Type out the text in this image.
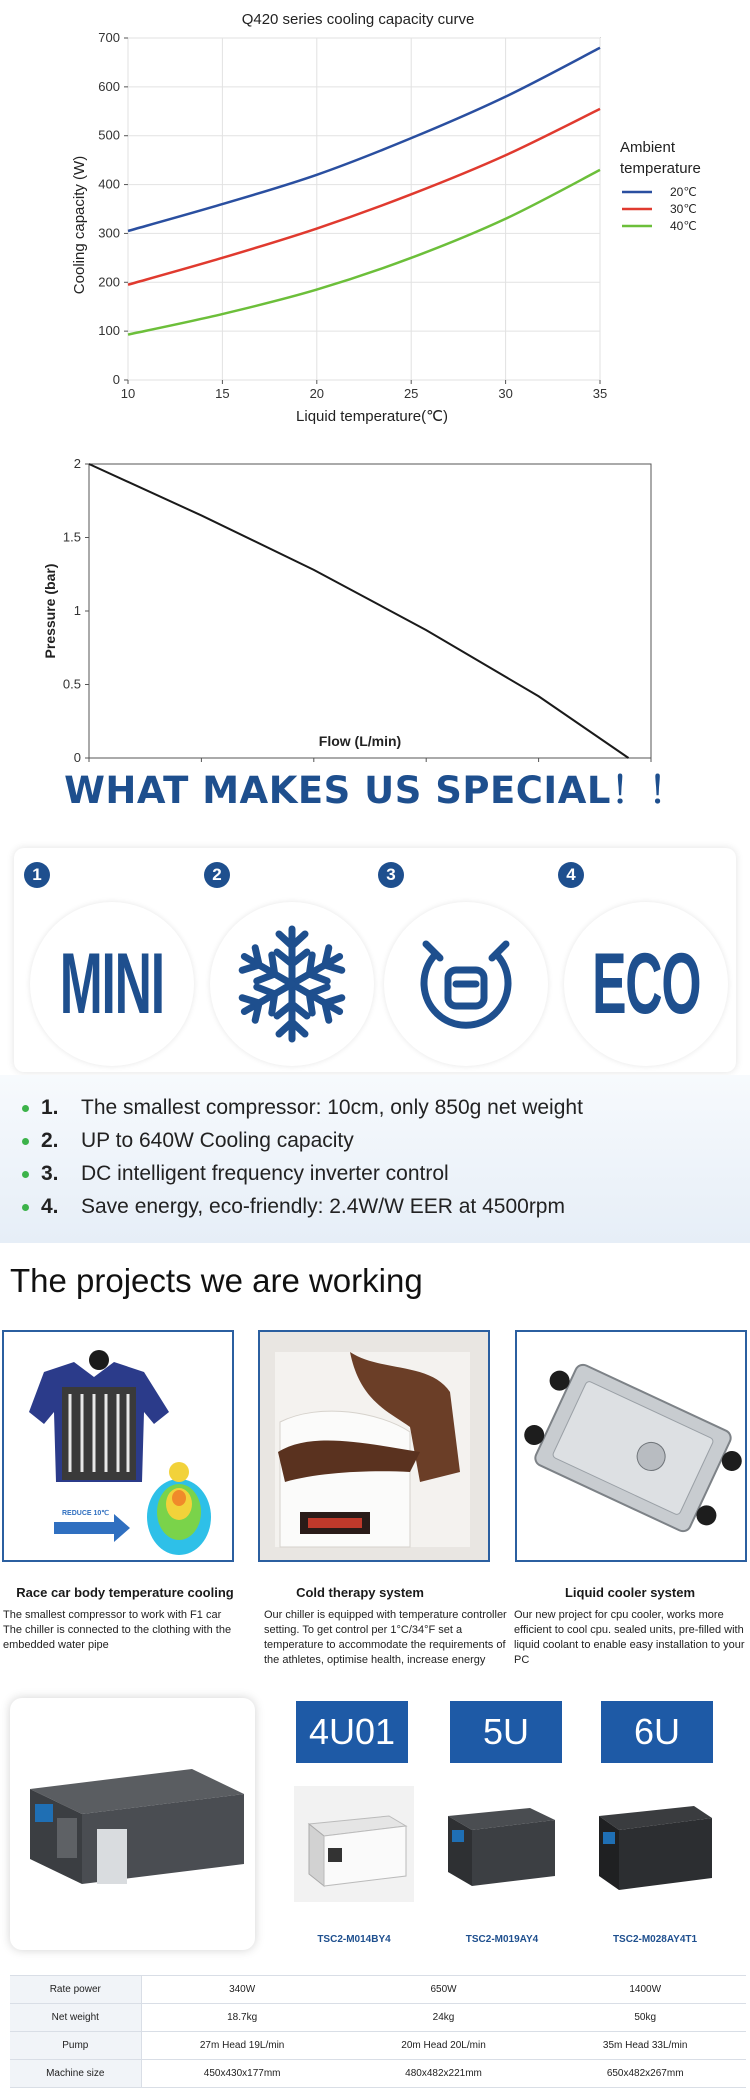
Q420 series cooling capacity curve
10	15	20	25	30	35
0
100
200
300
400
500
600
700
Liquid temperature(℃)
Cooling capacity (W)
Ambient
temperature
20℃
30℃
40℃
0
0.5
1
1.5
2
Pressure (bar)
Flow (L/min)
WHAT MAKES US SPECIAL！！
1
MINI
2	3	4
ECO
1.	The smallest compressor: 10cm, only 850g net weight
2.	UP to 640W Cooling capacity
3.	DC intelligent frequency inverter control
4.	Save energy, eco-friendly: 2.4W/W EER at 4500rpm
The projects we are working
REDUCE 10℃
Race car body temperature cooling	Cold therapy system	Liquid cooler system
The smallest compressor to work with F1 car
The chiller is connected to the clothing with the embedded water pipe
Our chiller is equipped with temperature controller setting. To get control per 1°C/34°F set a temperature to accommodate the requirements of the athletes, optimise health, increase energy
Our new project for cpu cooler, works more efficient to cool cpu. sealed units, pre-filled with liquid coolant to enable easy installation to your PC
4U01	5U	6U
TSC2-M014BY4	TSC2-M019AY4	TSC2-M028AY4T1
Rate power	340W	650W	1400W
Net weight	18.7kg	24kg	50kg
Pump	27m Head 19L/min	20m Head 20L/min	35m Head 33L/min
Machine size	450x430x177mm	480x482x221mm	650x482x267mm
